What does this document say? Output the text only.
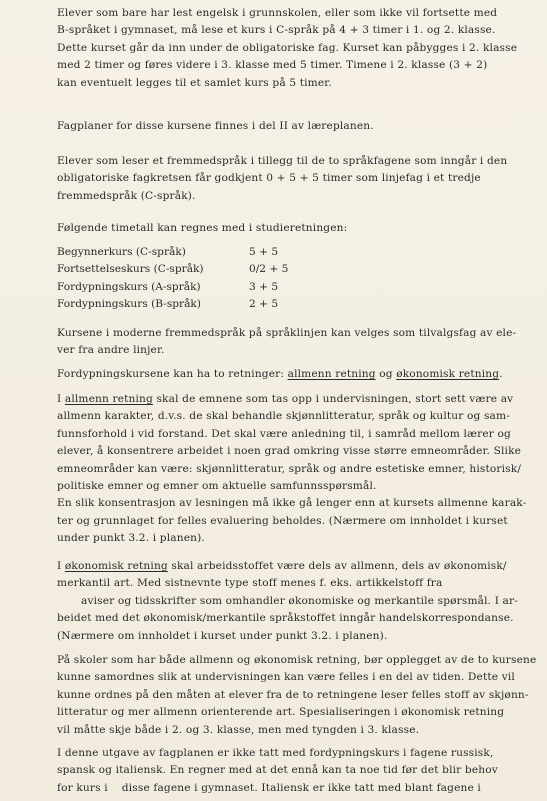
Elever som bare har lest engelsk i grunnskolen, eller som ikke vil fortsette med
B-språket i gymnaset, må lese et kurs i C-språk på 4 + 3 timer i 1. og 2. klasse.
Dette kurset går da inn under de obligatoriske fag. Kurset kan påbygges i 2. klasse
med 2 timer og føres videre i 3. klasse med 5 timer. Timene i 2. klasse (3 + 2)
kan eventuelt legges til et samlet kurs på 5 timer.
Fagplaner for disse kursene finnes i del II av læreplanen.
Elever som leser et fremmedspråk i tillegg til de to språkfagene som inngår i den
obligatoriske fagkretsen får godkjent 0 + 5 + 5 timer som linjefag i et tredje
fremmedspråk (C-språk).
Følgende timetall kan regnes med i studieretningen:
Begynnerkurs (C-språk)	5 + 5
Fortsettelseskurs (C-språk)	0/2 + 5
Fordypningskurs (A-språk)	3 + 5
Fordypningskurs (B-språk)	2 + 5
Kursene i moderne fremmedspråk på språklinjen kan velges som tilvalgsfag av ele-
ver fra andre linjer.
Fordypningskursene kan ha to retninger: allmenn retning og økonomisk retning.
I allmenn retning skal de emnene som tas opp i undervisningen, stort sett være av
allmenn karakter, d.v.s. de skal behandle skjønnlitteratur, språk og kultur og sam-
funnsforhold i vid forstand. Det skal være anledning til, i samråd mellom lærer og
elever, å konsentrere arbeidet i noen grad omkring visse større emneområder. Slike
emneområder kan være: skjønnlitteratur, språk og andre estetiske emner, historisk/
politiske emner og emner om aktuelle samfunnsspørsmål.
En slik konsentrasjon av lesningen må ikke gå lenger enn at kursets allmenne karak-
ter og grunnlaget for felles evaluering beholdes. (Nærmere om innholdet i kurset
under punkt 3.2. i planen).
I økonomisk retning skal arbeidsstoffet være dels av allmenn, dels av økonomisk/
merkantil art. Med sistnevnte type stoff menes f. eks. artikkelstoff fra
aviser og tidsskrifter som omhandler økonomiske og merkantile spørsmål. I ar-
beidet med det økonomisk/merkantile språkstoffet inngår handelskorrespondanse.
(Nærmere om innholdet i kurset under punkt 3.2. i planen).
På skoler som har både allmenn og økonomisk retning, bør opplegget av de to kursene
kunne samordnes slik at undervisningen kan være felles i en del av tiden. Dette vil
kunne ordnes på den måten at elever fra de to retningene leser felles stoff av skjønn-
litteratur og mer allmenn orienterende art. Spesialiseringen i økonomisk retning
vil måtte skje både i 2. og 3. klasse, men med tyngden i 3. klasse.
I denne utgave av fagplanen er ikke tatt med fordypningskurs i fagene russisk,
spansk og italiensk. En regner med at det ennå kan ta noe tid før det blir behov
for kurs i    disse fagene i gymnaset. Italiensk er ikke tatt med blant fagene i
